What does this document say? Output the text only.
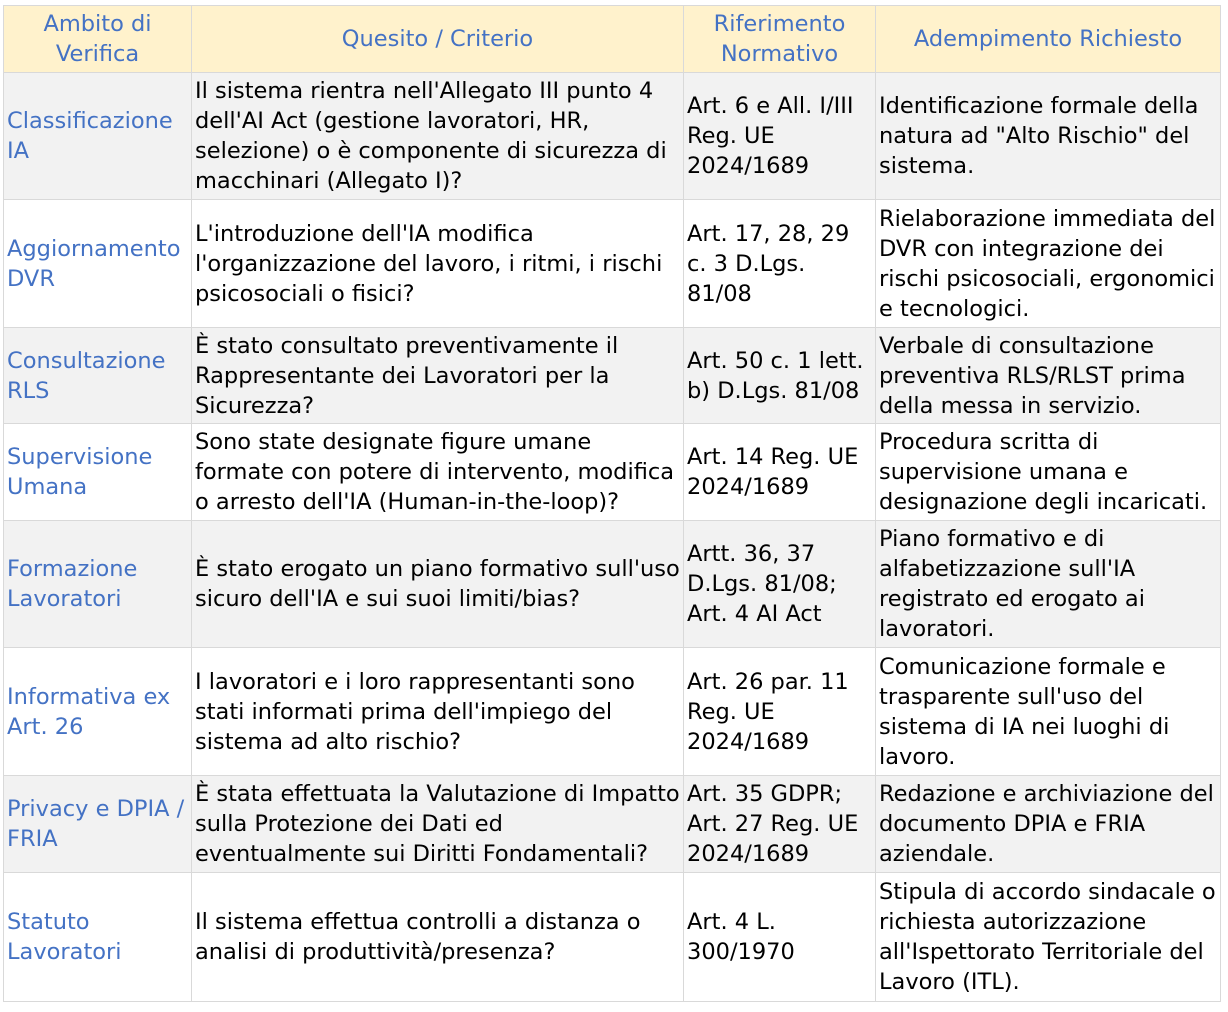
Ambito di Verifica	Quesito / Criterio	Riferimento Normativo	Adempimento Richiesto
Classificazione IA	Il sistema rientra nell'Allegato III punto 4 dell'AI Act (gestione lavoratori, HR, selezione) o è componente di sicurezza di macchinari (Allegato I)?	Art. 6 e All. I/III Reg. UE 2024/1689	Identificazione formale della natura ad "Alto Rischio" del sistema.
Aggiornamento DVR	L'introduzione dell'IA modifica l'organizzazione del lavoro, i ritmi, i rischi psicosociali o fisici?	Art. 17, 28, 29 c. 3 D.Lgs. 81/08	Rielaborazione immediata del DVR con integrazione dei rischi psicosociali, ergonomici e tecnologici.
Consultazione RLS	È stato consultato preventivamente il Rappresentante dei Lavoratori per la Sicurezza?	Art. 50 c. 1 lett. b) D.Lgs. 81/08	Verbale di consultazione preventiva RLS/RLST prima della messa in servizio.
Supervisione Umana	Sono state designate figure umane formate con potere di intervento, modifica o arresto dell'IA (Human-in-the-loop)?	Art. 14 Reg. UE 2024/1689	Procedura scritta di supervisione umana e designazione degli incaricati.
Formazione Lavoratori	È stato erogato un piano formativo sull'uso sicuro dell'IA e sui suoi limiti/bias?	Artt. 36, 37 D.Lgs. 81/08; Art. 4 AI Act	Piano formativo e di alfabetizzazione sull'IA registrato ed erogato ai lavoratori.
Informativa ex Art. 26	I lavoratori e i loro rappresentanti sono stati informati prima dell'impiego del sistema ad alto rischio?	Art. 26 par. 11 Reg. UE 2024/1689	Comunicazione formale e trasparente sull'uso del sistema di IA nei luoghi di lavoro.
Privacy e DPIA / FRIA	È stata effettuata la Valutazione di Impatto sulla Protezione dei Dati ed eventualmente sui Diritti Fondamentali?	Art. 35 GDPR; Art. 27 Reg. UE 2024/1689	Redazione e archiviazione del documento DPIA e FRIA aziendale.
Statuto Lavoratori	Il sistema effettua controlli a distanza o analisi di produttività/presenza?	Art. 4 L. 300/1970	Stipula di accordo sindacale o richiesta autorizzazione all'Ispettorato Territoriale del Lavoro (ITL).
